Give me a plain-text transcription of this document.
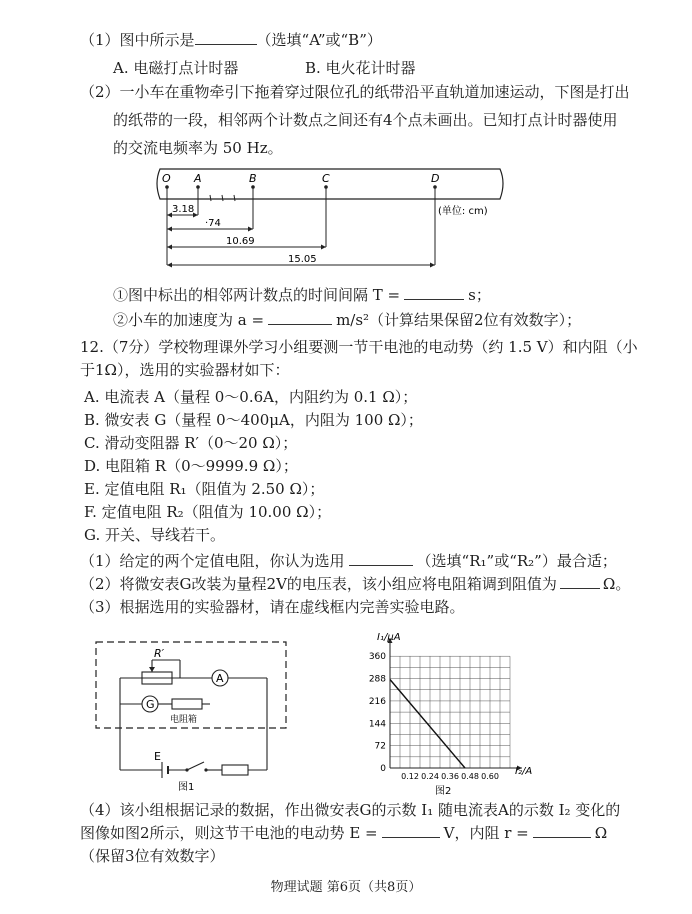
（1）图中所示是	（选填“A”或“B”）
A. 电磁打点计时器	B. 电火花计时器
（2）一小车在重物牵引下拖着穿过限位孔的纸带沿平直轨道加速运动，下图是打出
的纸带的一段，相邻两个计数点之间还有4个点未画出。已知打点计时器使用
的交流电频率为 50 Hz。
O A	B	C	D
(单位: cm)
3.18
·74
10.69
15.05
①图中标出的相邻两计数点的时间间隔 T =	s；
②小车的加速度为 a =	m/s²（计算结果保留2位有效数字）；
12.（7分）学校物理课外学习小组要测一节干电池的电动势（约 1.5 V）和内阻（小
于1Ω），选用的实验器材如下：
A. 电流表 A（量程 0～0.6A，内阻约为 0.1 Ω）；
B. 微安表 G（量程 0～400μA，内阻为 100 Ω）；
C. 滑动变阻器 R′（0～20 Ω）；
D. 电阻箱 R（0～9999.9 Ω）；
E. 定值电阻 R₁（阻值为 2.50 Ω）；
F. 定值电阻 R₂（阻值为 10.00 Ω）；
G. 开关、导线若干。
（1）给定的两个定值电阻，你认为选用	（选填“R₁”或“R₂”）最合适；
（2）将微安表G改装为量程2V的电压表，该小组应将电阻箱调到阻值为	Ω。
（3）根据选用的实验器材，请在虚线框内完善实验电路。
R′
A
G
电阻箱
E
图1
0
72
144
216
288
360
0.12 0.24 0.36 0.48 0.60
I₁/μA
I₂/A
图2
（4）该小组根据记录的数据，作出微安表G的示数 I₁ 随电流表A的示数 I₂ 变化的
图像如图2所示，则这节干电池的电动势 E =	V，内阻 r =	Ω
（保留3位有效数字）
物理试题 第6页（共8页）
